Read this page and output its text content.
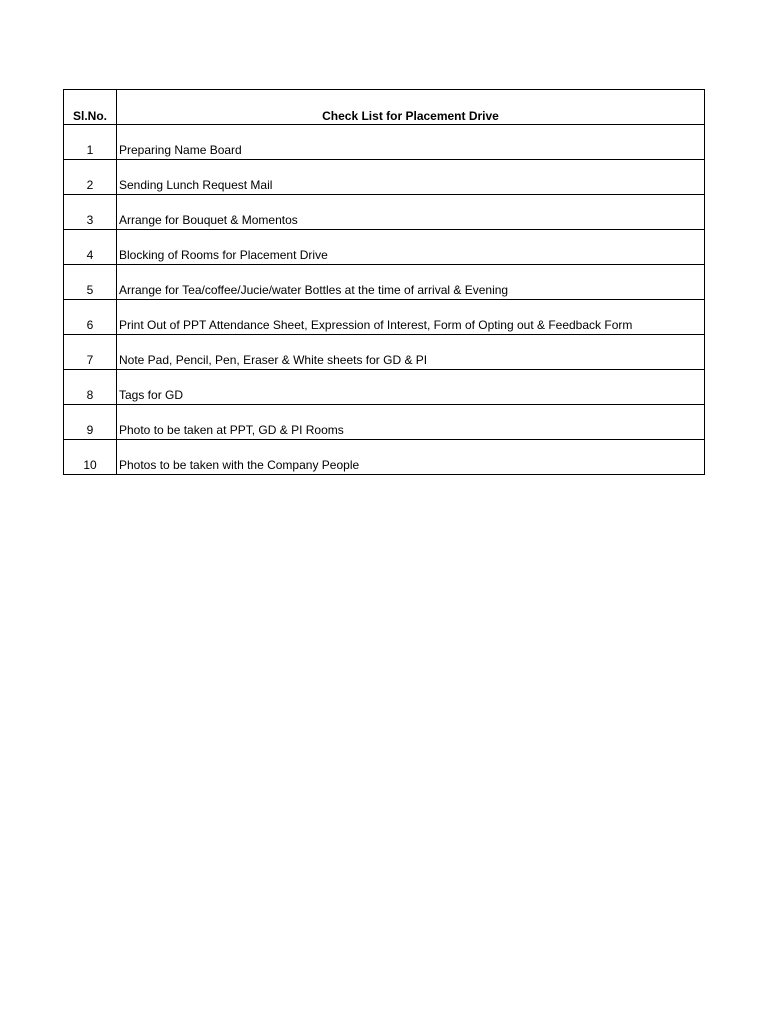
Sl.No.	Check List for Placement Drive
1	Preparing Name Board
2	Sending Lunch Request Mail
3	Arrange for Bouquet & Momentos
4	Blocking of Rooms for Placement Drive
5	Arrange for Tea/coffee/Jucie/water Bottles at the time of arrival & Evening
6	Print Out of PPT Attendance Sheet, Expression of Interest, Form of Opting out & Feedback Form
7	Note Pad, Pencil, Pen, Eraser & White sheets for GD & PI
8	Tags for GD
9	Photo to be taken at PPT, GD & PI Rooms
10	Photos to be taken with the Company People
